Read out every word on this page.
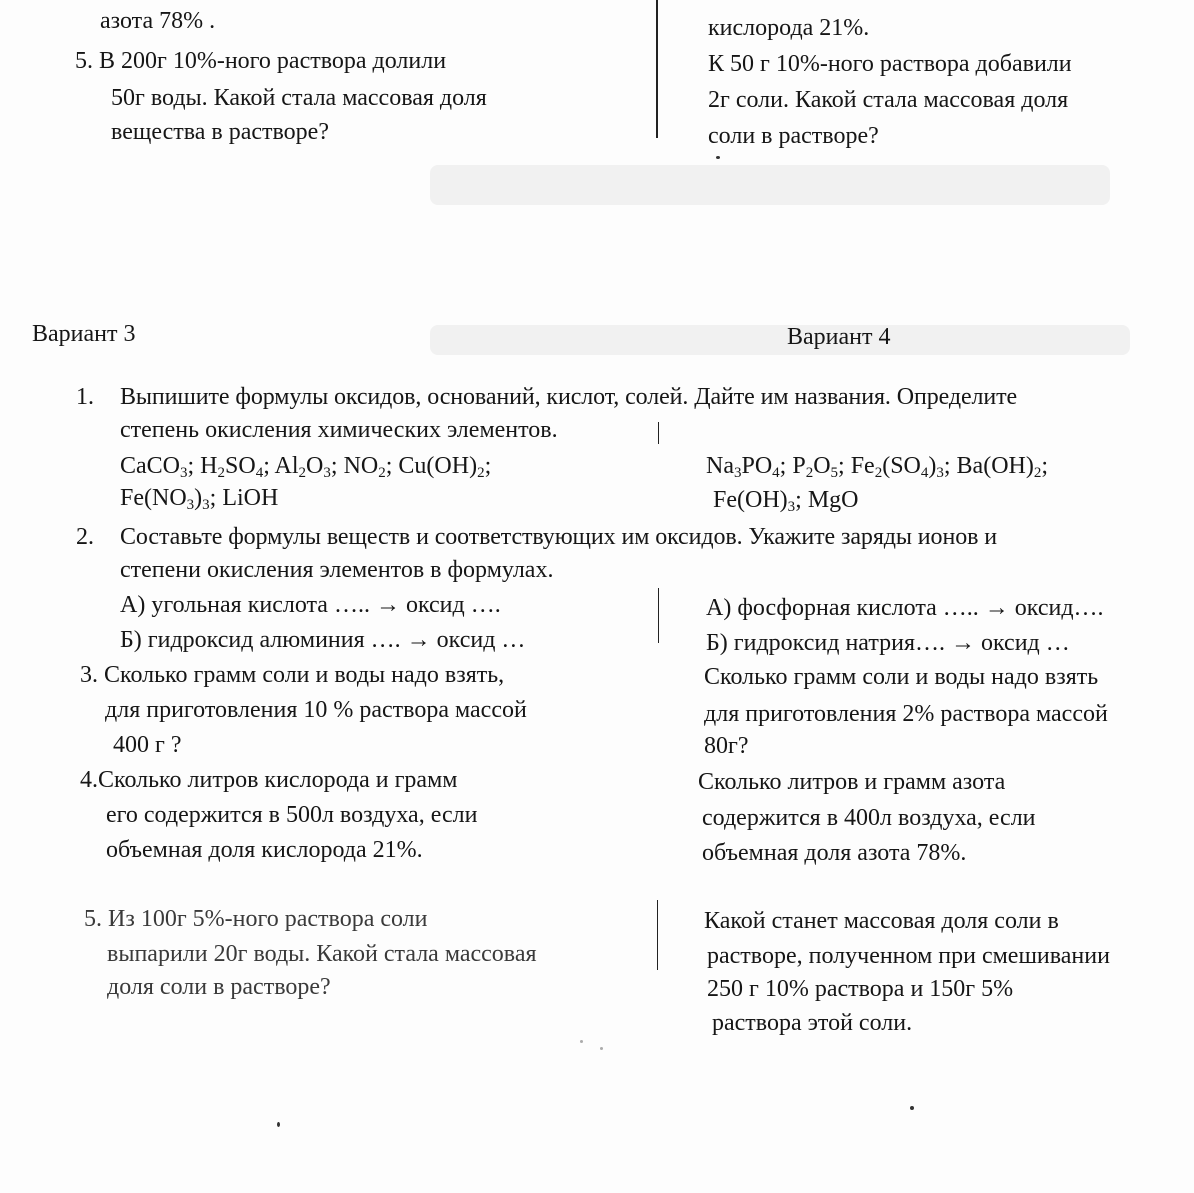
азота 78% .
5. В 200г 10%-ного раствора долили
50г воды. Какой стала массовая доля
вещества в растворе?
кислорода 21%.
К 50 г 10%-ного раствора добавили
2г соли. Какой стала массовая доля
соли в растворе?
Вариант 3	Вариант 4
1. Выпишите формулы оксидов, оснований, кислот, солей. Дайте им названия. Определите
степень окисления химических элементов.
CaCO$_3$; $H_2SO_4$; $Al_2O_3$; $NO_2$; $Cu(OH)_2$;
$Fe(NO_3)_3$; LiOH
$Na_3PO_4$; $P_2O_5$; $Fe_2(SO_4)_3$; $Ba(OH)_2$;
$Fe(OH)_3$; MgO
2. Составьте формулы веществ и соответствующих им оксидов. Укажите заряды ионов и
степени окисления элементов в формулах.
А) угольная кислота ….. → оксид ….
Б) гидроксид алюминия …. → оксид …
А) фосфорная кислота ….. → оксид….
Б) гидроксид натрия…. → оксид …
3. Сколько грамм соли и воды надо взять,
для приготовления 10 % раствора массой
400 г ?
Сколько грамм соли и воды надо взять
для приготовления 2% раствора массой
80г?
4.Сколько литров кислорода и грамм
его содержится в 500л воздуха, если
объемная доля кислорода 21%.
Сколько литров и грамм азота
содержится в 400л воздуха, если
объемная доля азота 78%.
5. Из 100г 5%-ного раствора соли
выпарили 20г воды. Какой стала массовая
доля соли в растворе?
Какой станет массовая доля соли в
растворе, полученном при смешивании
250 г 10% раствора и 150г 5%
раствора этой соли.
